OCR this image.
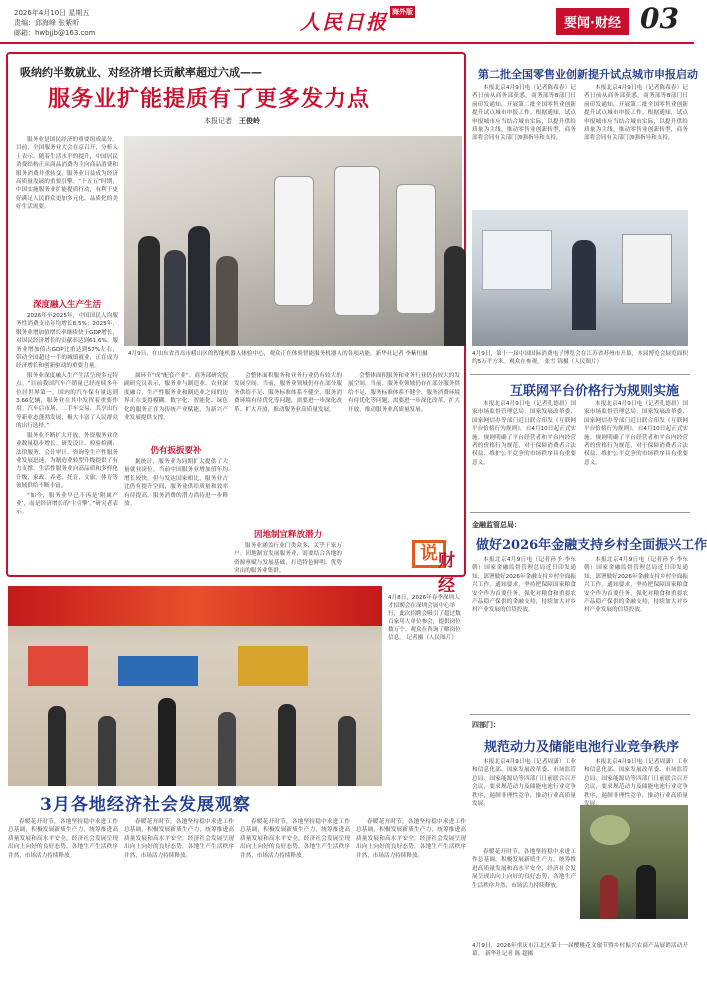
2026年4月10日 星期五
责编：邱海峰 张紫昕
邮箱：hwbjjb@163.com	人民日报 海外版
要闻·财经 03
吸纳约半数就业、对经济增长贡献率超过六成——
服务业扩能提质有了更多发力点
本报记者　 王俊岭

服务业是国民经济的重要组成部分。目前，全国服务业大会在京召开，分析人士表示，随着生活水平的提升，中国居民消费结构正从商品消费为主向商品消费和服务消费并重转变，服务业日益成为经济高质量发展的重要引擎。“十五五”时期，中国实施服务业扩能提质行动，有利于更好满足人民群众更加多元化、品质化的美好生活需要。

深度融入生产生活

2026年至2025年，中国国民人均服务性消费支出年均增长8.5%；2025年，服务业增加值增长率继续快于GDP增长，对国民经济增长的贡献率达到61.6%。服务业增加值占GDP比重达到57%左右，带动全国超过一半的城镇就业，正在成为经济增长和创新驱动的重要力量。

服务业深度融入生产生活呈现多元特点。“目前我国汽车产销量已经连续多年位居世界第一，国内的汽车保有量达到3.66亿辆，服务业在其中发挥着重要作用。汽车后市场、二手车交易、共享出行等新业态蓬勃发展，极大丰富了人民群众的出行选择。”

服务业不断扩大开放，外资服务业企业数量稳步增长。研发设计、检验检测、法律服务、会计审计、咨询等生产性服务业发展迅速，为制造业转型升级提供了有力支撑。生活性服务业向高品质和多样化升级，家政、养老、托育、文旅、体育等领域供给不断丰富。

“如今，服务业早已不再是‘附属产业’，而是经济增长的‘主引擎’。”研究者表示。

4月9日，在山东省青岛市崂山区的智能机器人体验中心，观众正在体验智能服务机器人的各项功能。新华社记者 李紫恒摄

属环节”成“配套产业”。商务部研究院副研究员表示，服务业与制造业、农业深度融合，生产性服务业和制造业之间的边界正在变得模糊。数字化、智能化、绿色化的服务正在为传统产业赋能，为新兴产业发展提供支撑。

仍有扳扳要补

据统计，服务业为同期扩大提供了大量就业岗位。当前中国服务业增加值年均增长较快，但与发达国家相比，服务业占比仍有提升空间，服务业供给质量和效率有待提高，服务消费的潜力尚待进一步释放。

会整体面积服务和业务行业仍有较大的发展空间。当前，服务业领域仍存在部分服务供给不足、服务标准体系不健全、服务消费环境有待优化等问题，需要进一步深化改革、扩大开放，推动服务业高质量发展。

会整体面积服务和业务行业仍有较大的发展空间。当前，服务业领域仍存在部分服务供给不足、服务标准体系不健全、服务消费环境有待优化等问题，需要进一步深化改革、扩大开放，推动服务业高质量发展。

因地制宜释放潜力

服务业涵盖行业门类众多，关乎千家万户。因地制宜发展服务业，需要结合各地的资源禀赋与发展基础，打造特色鲜明、优势突出的服务业集群。

说 财经
第二批全国零售业创新提升试点城市申报启动

本报北京4月9日电（记者陈希春）记者日前从商务部获悉，商务部等8部门日前印发通知，开展第二批全国零售业创新提升试点城市申报工作。根据通知，试点申报城市应当结合城市实际，以提升供给质量为主线，推动零售业创新转型，商务部将会同有关部门加强指导和支持。

本报北京4月9日电（记者陈希春）记者日前从商务部获悉，商务部等8部门日前印发通知，开展第二批全国零售业创新提升试点城市申报工作。根据通知，试点申报城市应当结合城市实际，以提升供给质量为主线，推动零售业创新转型，商务部将会同有关部门加强指导和支持。

4月9日，第十一届中国国际消费电子博览会在江苏省苏州市开幕，本届博览会展览面积约5万平方米。观众在参观。 张雪 锦摄（人民图片）
互联网平台价格行为规则实施

本报北京4月9日电（记者孔德晨）国家市场监督管理总局、国家发展改革委、国家网信办等部门近日联合印发《互联网平台价格行为规则》，自4月10日起正式实施。规则明确了平台经营者和平台内经营者的价格行为规范，对于保障消费者合法权益、维护公平竞争的市场秩序具有重要意义。

本报北京4月9日电（记者孔德晨）国家市场监督管理总局、国家发展改革委、国家网信办等部门近日联合印发《互联网平台价格行为规则》，自4月10日起正式实施。规则明确了平台经营者和平台内经营者的价格行为规范，对于保障消费者合法权益、维护公平竞争的市场秩序具有重要意义。

金融监管总局：
做好2026年金融支持乡村全面振兴工作

本报北京4月9日电（记者孙予·李东朝）国家金融监督管理总局近日印发通知，部署做好2026年金融支持乡村全面振兴工作。通知要求，坚持把保障国家粮食安全作为首要任务，强化对粮食和重要农产品稳产保供的金融支持，持续加大对乡村产业发展的信贷投放。

本报北京4月9日电（记者孙予·李东朝）国家金融监督管理总局近日印发通知，部署做好2026年金融支持乡村全面振兴工作。通知要求，坚持把保障国家粮食安全作为首要任务，强化对粮食和重要农产品稳产保供的金融支持，持续加大对乡村产业发展的信贷投放。

四部门：
规范动力及储能电池行业竞争秩序

本报北京4月9日电（记者周潇）工业和信息化部、国家发展改革委、市场监管总局、国家能源局等四部门日前联合召开会议，要求规范动力及储能电池行业竞争秩序，遏制非理性竞争，推动行业高质量发展。

本报北京4月9日电（记者周潇）工业和信息化部、国家发展改革委、市场监管总局、国家能源局等四部门日前联合召开会议，要求规范动力及储能电池行业竞争秩序，遏制非理性竞争，推动行业高质量

4月8日，2026年春季深圳人才招聘会在深圳会展中心举行，此次招聘会吸引了超过数百家用人单位参会，提供岗位数万个。观众在咨询了解岗位信息。 记者摄（人民图片）
3月各地经济社会发展观察

春暖花开时节，各地坚持稳中求进工作总基调，积极发展新质生产力，统筹推进高质量发展和高水平安全，经济社会发展呈现出向上向好的良好态势，各地生产生活秩序井然，市场活力持续释放。

春暖花开时节，各地坚持稳中求进工作总基调，积极发展新质生产力，统筹推进高质量发展和高水平安全，经济社会发展呈现出向上向好的良好态势，各地生产生活秩序井然，市场活力持续释放。

春暖花开时节，各地坚持稳中求进工作总基调，积极发展新质生产力，统筹推进高质量发展和高水平安全，经济社会发展呈现出向上向好的良好态势，各地生产生活秩序井然，市场活力持续释放。

春暖花开时节，各地坚持稳中求进工作总基调，积极发展新质生产力，统筹推进高质量发展和高水平安全，经济社会发展呈现出向上向好的良好态势，各地生产生活秩序井然，市场活力持续释放。

春暖花开时节，各地坚持稳中求进工作总基调，积极发展新质生产力，统筹推进高质量发展和高水平安全，经济社会发展呈现出向上向好的良好态势，各地生产生活秩序井然，市场活力持续释放。

4月9日，2026年重庆市江北区第十一届樱桃花文旅节暨乡村振兴农商产品展销活动开幕。 新华社记者 陈 超摄
